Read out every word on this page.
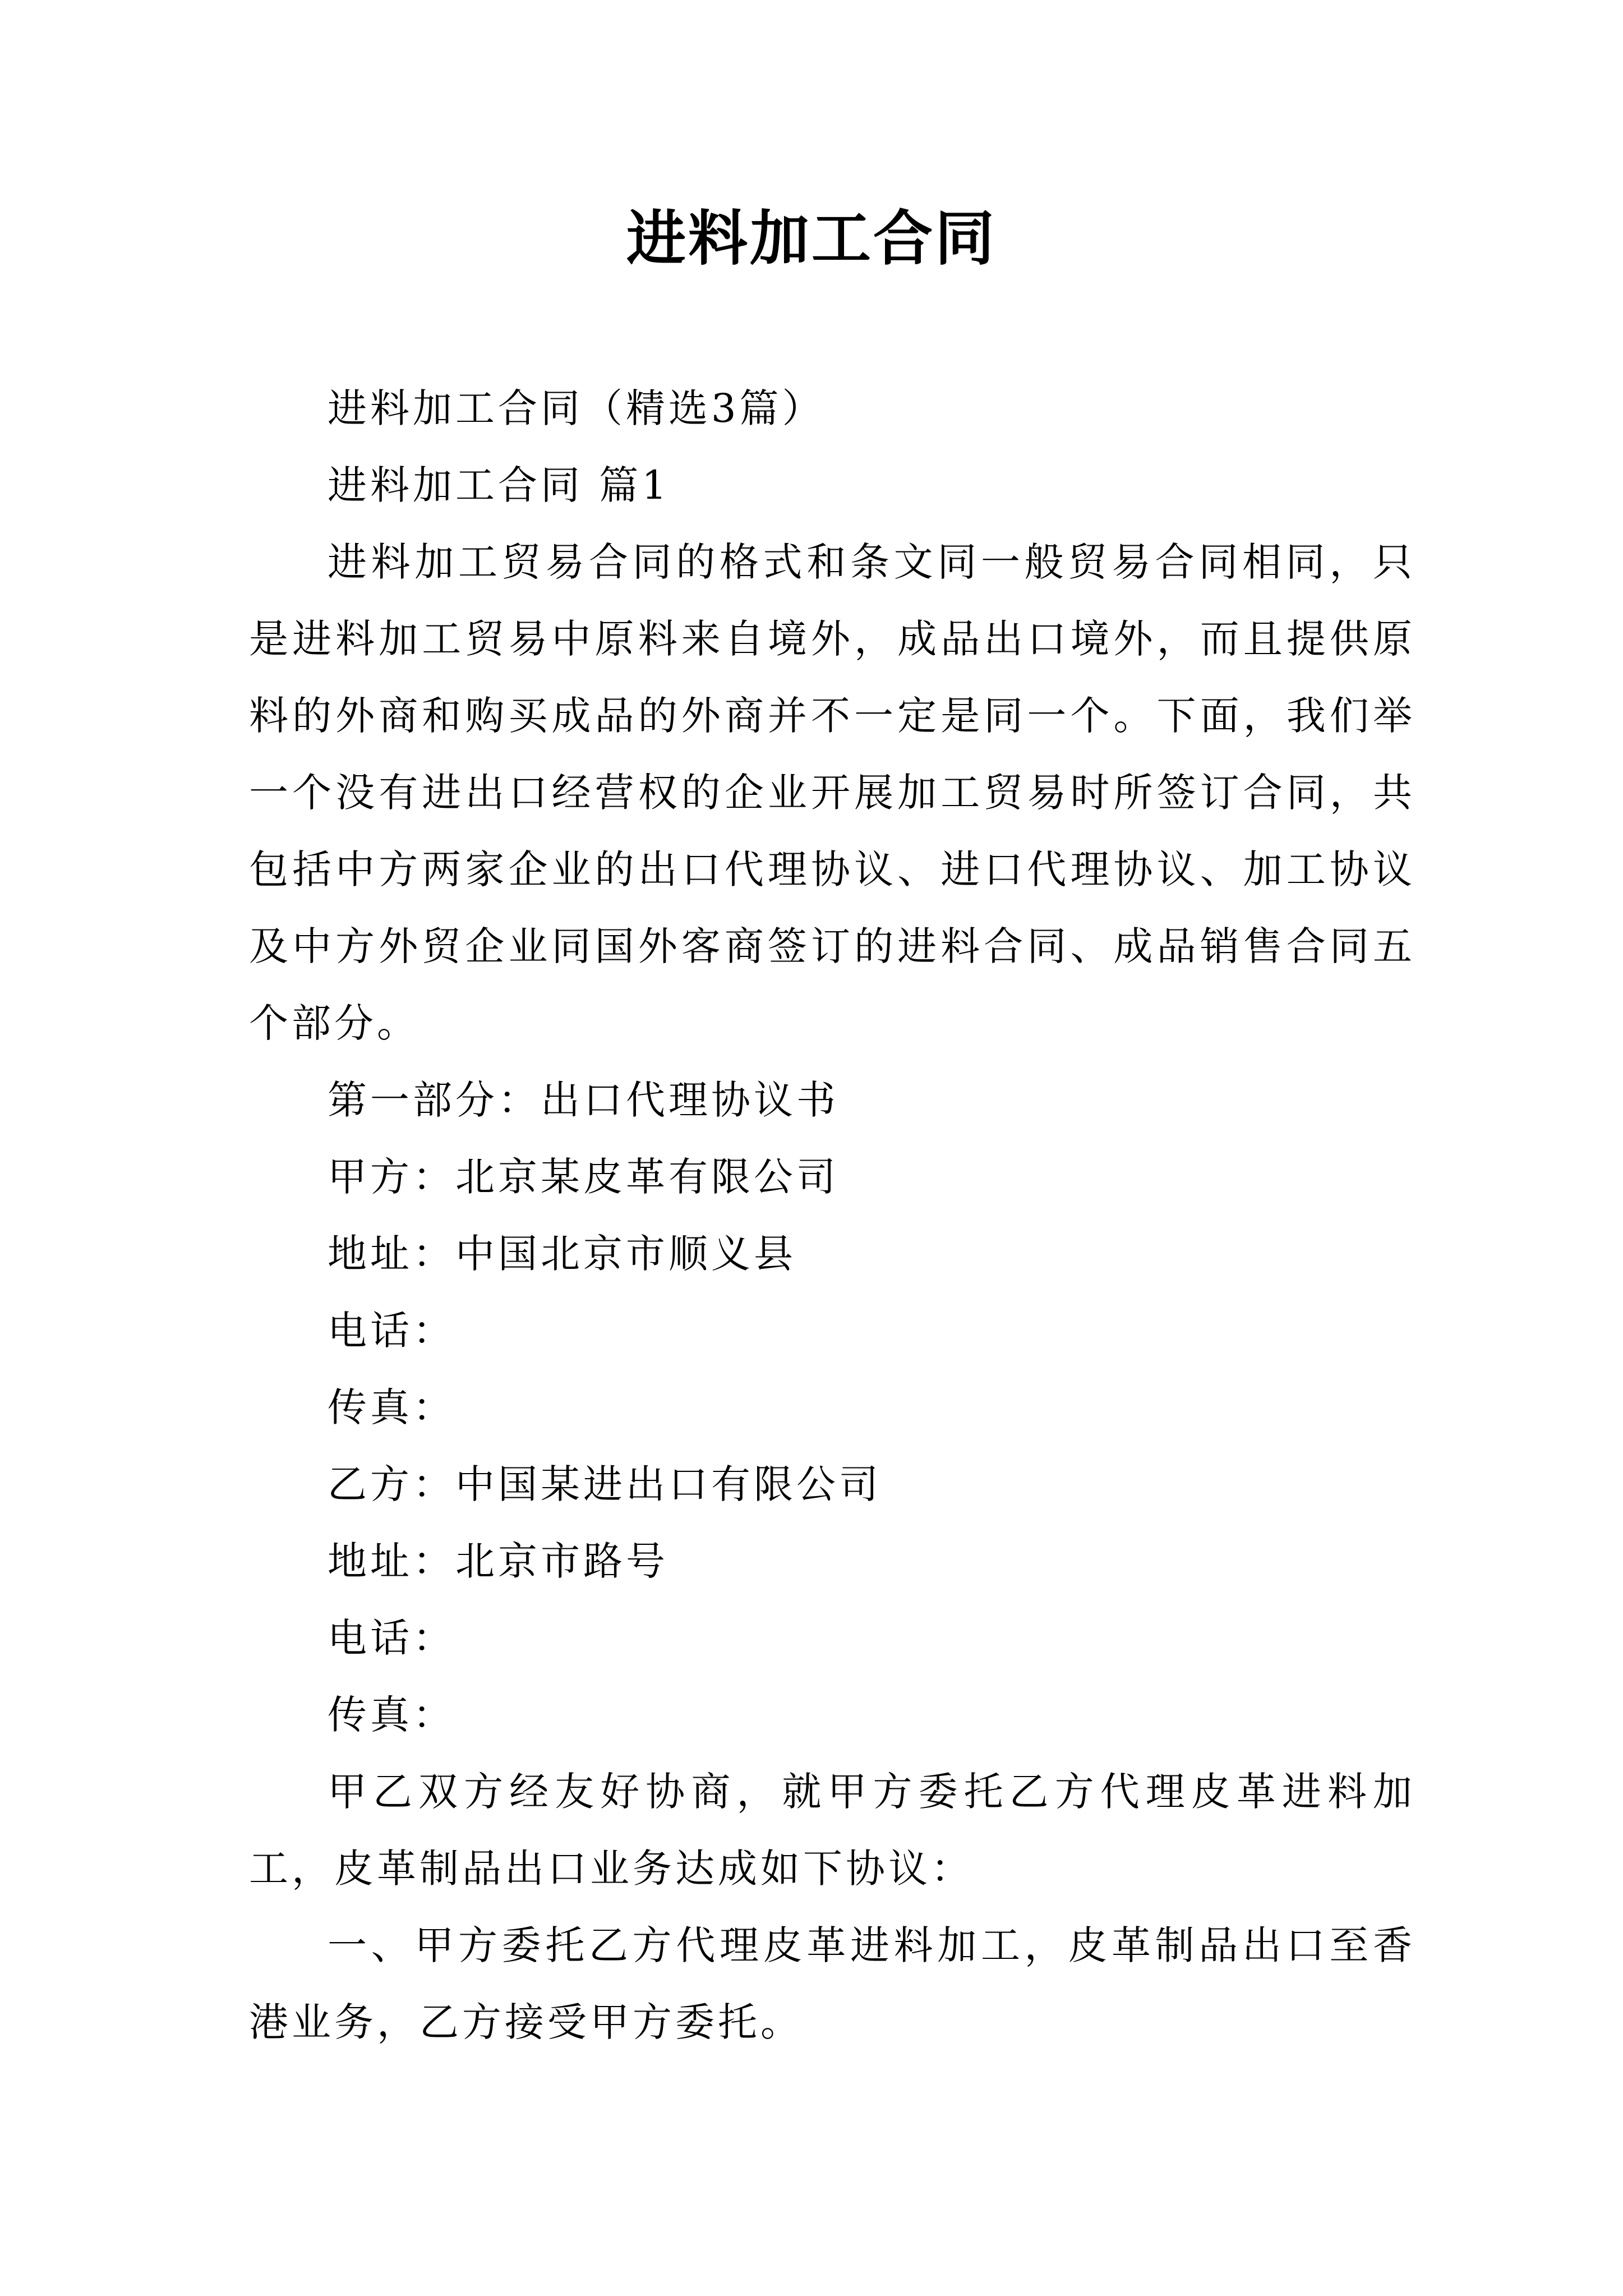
进料加工合同

进料加工合同（精选3篇）

进料加工合同 篇1

进料加工贸易合同的格式和条文同一般贸易合同相同，只是进料加工贸易中原料来自境外，成品出口境外，而且提供原料的外商和购买成品的外商并不一定是同一个。下面，我们举一个没有进出口经营权的企业开展加工贸易时所签订合同，共包括中方两家企业的出口代理协议、进口代理协议、加工协议及中方外贸企业同国外客商签订的进料合同、成品销售合同五个部分。

第一部分：出口代理协议书

甲方：北京某皮革有限公司

地址：中国北京市顺义县

电话：

传真：

乙方：中国某进出口有限公司

地址：北京市路号

电话：

传真：

甲乙双方经友好协商，就甲方委托乙方代理皮革进料加工，皮革制品出口业务达成如下协议：

一、甲方委托乙方代理皮革进料加工，皮革制品出口至香港业务，乙方接受甲方委托。
